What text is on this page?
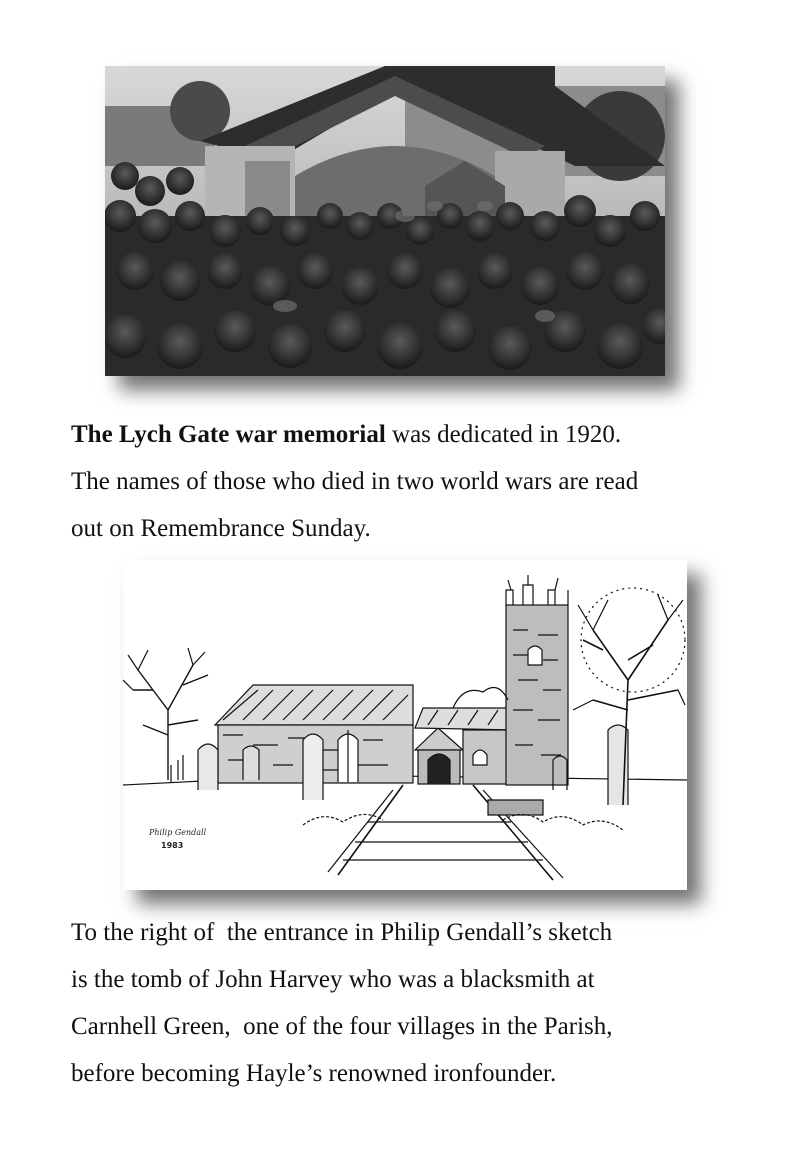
The Lych Gate war memorial was dedicated in 1920.
The names of those who died in two world wars are read
out on Remembrance Sunday.

Philip Gendall
1983

To the right of  the entrance in Philip Gendall’s sketch
is the tomb of John Harvey who was a blacksmith at
Carnhell Green,  one of the four villages in the Parish,
before becoming Hayle’s renowned ironfounder.
